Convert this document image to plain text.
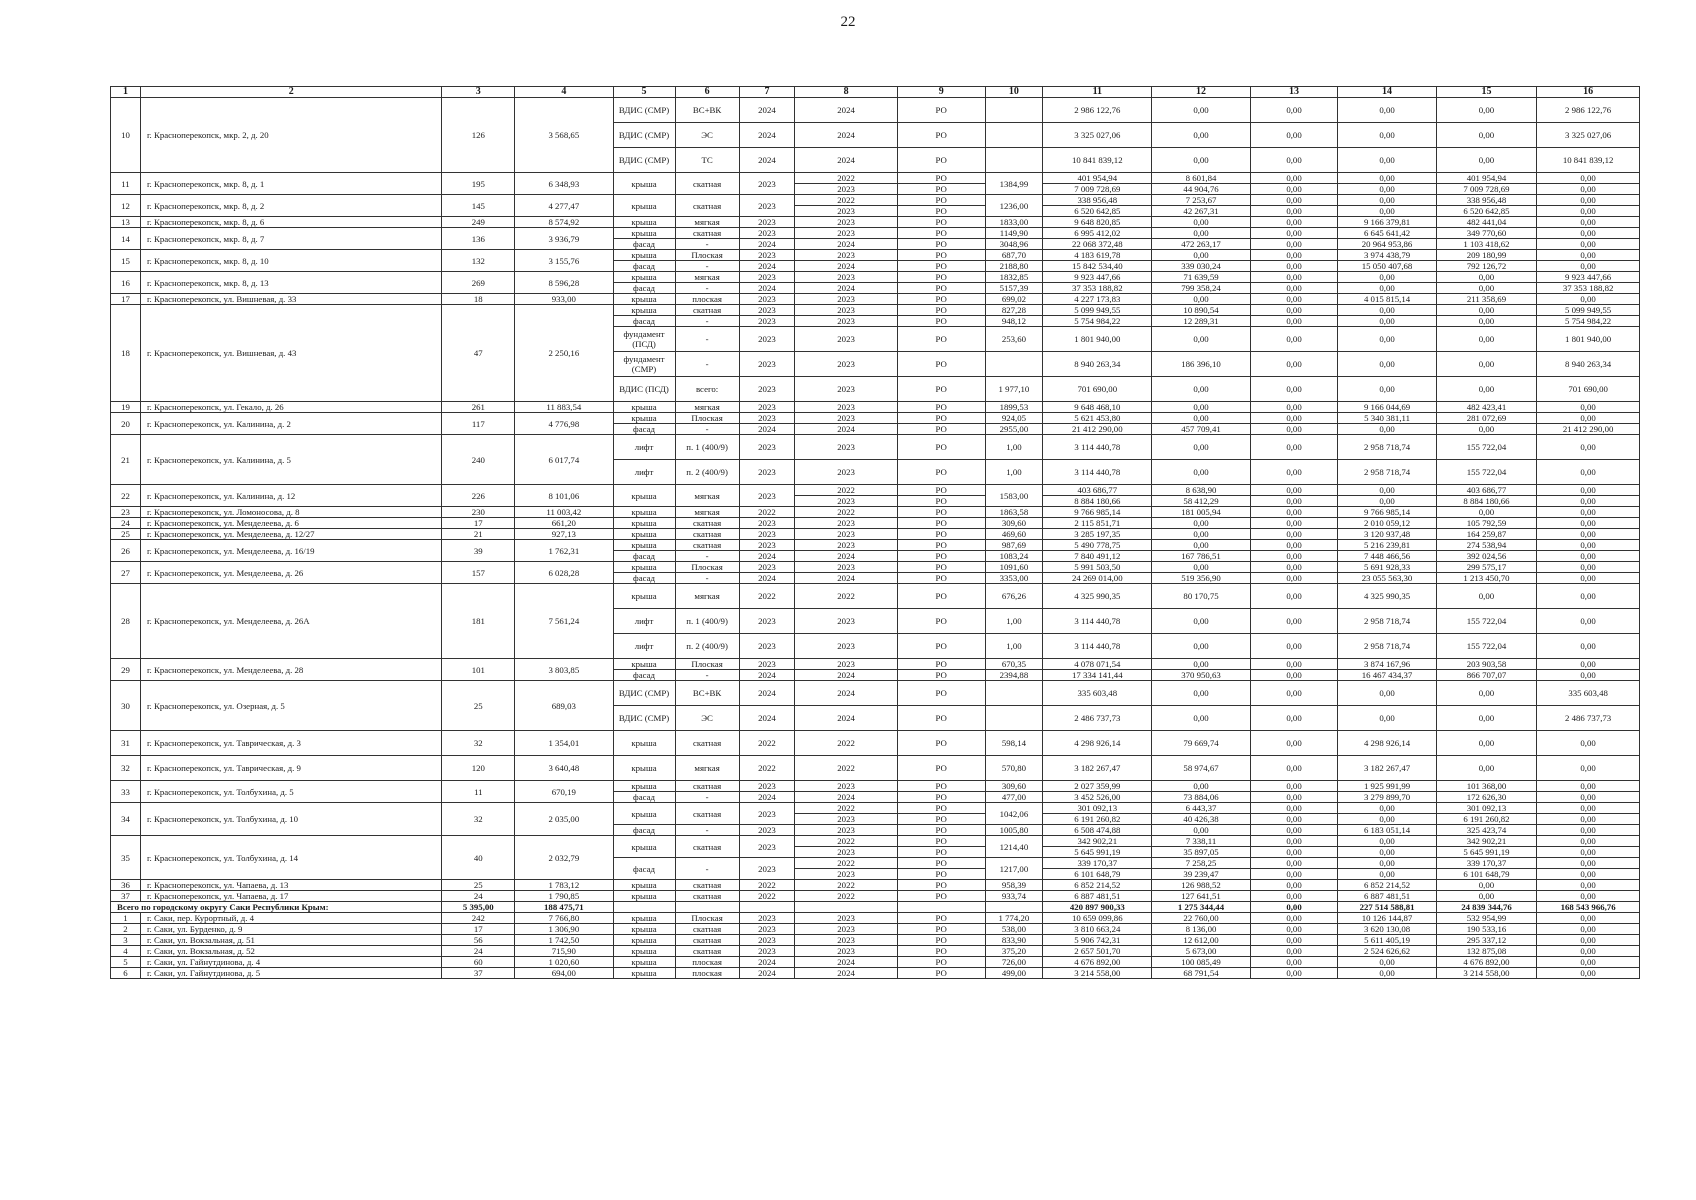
22
1	2	3	4	5	6	7	8	9	10	11	12	13	14	15	16
10	г. Красноперекопск, мкр. 2, д. 20	126	3 568,65	ВДИС (СМР)	ВС+ВК	2024	2024	РО		2 986 122,76	0,00	0,00	0,00	0,00	2 986 122,76
				ВДИС (СМР)	ЭС	2024	2024	РО		3 325 027,06	0,00	0,00	0,00	0,00	3 325 027,06
				ВДИС (СМР)	ТС	2024	2024	РО		10 841 839,12	0,00	0,00	0,00	0,00	10 841 839,12
11	г. Красноперекопск, мкр. 8, д. 1	195	6 348,93	крыша	скатная	2023	2022	РО	1384,99	401 954,94	8 601,84	0,00	0,00	401 954,94	0,00
							2023	РО		7 009 728,69	44 904,76	0,00	0,00	7 009 728,69	0,00
12	г. Красноперекопск, мкр. 8, д. 2	145	4 277,47	крыша	скатная	2023	2022	РО	1236,00	338 956,48	7 253,67	0,00	0,00	338 956,48	0,00
							2023	РО		6 520 642,85	42 267,31	0,00	0,00	6 520 642,85	0,00
13	г. Красноперекопск, мкр. 8, д. 6	249	8 574,92	крыша	мягкая	2023	2023	РО	1833,00	9 648 820,85	0,00	0,00	9 166 379,81	482 441,04	0,00
14	г. Красноперекопск, мкр. 8, д. 7	136	3 936,79	крыша	скатная	2023	2023	РО	1149,90	6 995 412,02	0,00	0,00	6 645 641,42	349 770,60	0,00
				фасад	-	2024	2024	РО	3048,96	22 068 372,48	472 263,17	0,00	20 964 953,86	1 103 418,62	0,00
15	г. Красноперекопск, мкр. 8, д. 10	132	3 155,76	крыша	Плоская	2023	2023	РО	687,70	4 183 619,78	0,00	0,00	3 974 438,79	209 180,99	0,00
				фасад	-	2024	2024	РО	2188,80	15 842 534,40	339 030,24	0,00	15 050 407,68	792 126,72	0,00
16	г. Красноперекопск, мкр. 8, д. 13	269	8 596,28	крыша	мягкая	2023	2023	РО	1832,85	9 923 447,66	71 639,59	0,00	0,00	0,00	9 923 447,66
				фасад	-	2024	2024	РО	5157,39	37 353 188,82	799 358,24	0,00	0,00	0,00	37 353 188,82
17	г. Красноперекопск, ул. Вишневая, д. 33	18	933,00	крыша	плоская	2023	2023	РО	699,02	4 227 173,83	0,00	0,00	4 015 815,14	211 358,69	0,00
18	г. Красноперекопск, ул. Вишневая, д. 43	47	2 250,16	крыша	скатная	2023	2023	РО	827,28	5 099 949,55	10 890,54	0,00	0,00	0,00	5 099 949,55
				фасад	-	2023	2023	РО	948,12	5 754 984,22	12 289,31	0,00	0,00	0,00	5 754 984,22
				фундамент (ПСД)	-	2023	2023	РО	253,60	1 801 940,00	0,00	0,00	0,00	0,00	1 801 940,00
				фундамент (СМР)	-	2023	2023	РО		8 940 263,34	186 396,10	0,00	0,00	0,00	8 940 263,34
				ВДИС (ПСД)	всего:	2023	2023	РО	1 977,10	701 690,00	0,00	0,00	0,00	0,00	701 690,00
19	г. Красноперекопск, ул. Гекало, д. 26	261	11 883,54	крыша	мягкая	2023	2023	РО	1899,53	9 648 468,10	0,00	0,00	9 166 044,69	482 423,41	0,00
20	г. Красноперекопск, ул. Калинина, д. 2	117	4 776,98	крыша	Плоская	2023	2023	РО	924,05	5 621 453,80	0,00	0,00	5 340 381,11	281 072,69	0,00
				фасад	-	2024	2024	РО	2955,00	21 412 290,00	457 709,41	0,00	0,00	0,00	21 412 290,00
21	г. Красноперекопск, ул. Калинина, д. 5	240	6 017,74	лифт	п. 1 (400/9)	2023	2023	РО	1,00	3 114 440,78	0,00	0,00	2 958 718,74	155 722,04	0,00
				лифт	п. 2 (400/9)	2023	2023	РО	1,00	3 114 440,78	0,00	0,00	2 958 718,74	155 722,04	0,00
22	г. Красноперекопск, ул. Калинина, д. 12	226	8 101,06	крыша	мягкая	2023	2022	РО	1583,00	403 686,77	8 638,90	0,00	0,00	403 686,77	0,00
							2023	РО		8 884 180,66	58 412,29	0,00	0,00	8 884 180,66	0,00
23	г. Красноперекопск, ул. Ломоносова, д. 8	230	11 003,42	крыша	мягкая	2022	2022	РО	1863,58	9 766 985,14	181 005,94	0,00	9 766 985,14	0,00	0,00
24	г. Красноперекопск, ул. Менделеева, д. 6	17	661,20	крыша	скатная	2023	2023	РО	309,60	2 115 851,71	0,00	0,00	2 010 059,12	105 792,59	0,00
25	г. Красноперекопск, ул. Менделеева, д. 12/27	21	927,13	крыша	скатная	2023	2023	РО	469,60	3 285 197,35	0,00	0,00	3 120 937,48	164 259,87	0,00
26	г. Красноперекопск, ул. Менделеева, д. 16/19	39	1 762,31	крыша	скатная	2023	2023	РО	987,69	5 490 778,75	0,00	0,00	5 216 239,81	274 538,94	0,00
				фасад	-	2024	2024	РО	1083,24	7 840 491,12	167 786,51	0,00	7 448 466,56	392 024,56	0,00
27	г. Красноперекопск, ул. Менделеева, д. 26	157	6 028,28	крыша	Плоская	2023	2023	РО	1091,60	5 991 503,50	0,00	0,00	5 691 928,33	299 575,17	0,00
				фасад	-	2024	2024	РО	3353,00	24 269 014,00	519 356,90	0,00	23 055 563,30	1 213 450,70	0,00
28	г. Красноперекопск, ул. Менделеева, д. 26А	181	7 561,24	крыша	мягкая	2022	2022	РО	676,26	4 325 990,35	80 170,75	0,00	4 325 990,35	0,00	0,00
				лифт	п. 1 (400/9)	2023	2023	РО	1,00	3 114 440,78	0,00	0,00	2 958 718,74	155 722,04	0,00
				лифт	п. 2 (400/9)	2023	2023	РО	1,00	3 114 440,78	0,00	0,00	2 958 718,74	155 722,04	0,00
29	г. Красноперекопск, ул. Менделеева, д. 28	101	3 803,85	крыша	Плоская	2023	2023	РО	670,35	4 078 071,54	0,00	0,00	3 874 167,96	203 903,58	0,00
				фасад	-	2024	2024	РО	2394,88	17 334 141,44	370 950,63	0,00	16 467 434,37	866 707,07	0,00
30	г. Красноперекопск, ул. Озерная, д. 5	25	689,03	ВДИС (СМР)	ВС+ВК	2024	2024	РО		335 603,48	0,00	0,00	0,00	0,00	335 603,48
				ВДИС (СМР)	ЭС	2024	2024	РО		2 486 737,73	0,00	0,00	0,00	0,00	2 486 737,73
31	г. Красноперекопск, ул. Таврическая, д. 3	32	1 354,01	крыша	скатная	2022	2022	РО	598,14	4 298 926,14	79 669,74	0,00	4 298 926,14	0,00	0,00
32	г. Красноперекопск, ул. Таврическая, д. 9	120	3 640,48	крыша	мягкая	2022	2022	РО	570,80	3 182 267,47	58 974,67	0,00	3 182 267,47	0,00	0,00
33	г. Красноперекопск, ул. Толбухина, д. 5	11	670,19	крыша	скатная	2023	2023	РО	309,60	2 027 359,99	0,00	0,00	1 925 991,99	101 368,00	0,00
				фасад	-	2024	2024	РО	477,00	3 452 526,00	73 884,06	0,00	3 279 899,70	172 626,30	0,00
34	г. Красноперекопск, ул. Толбухина, д. 10	32	2 035,00	крыша	скатная	2023	2022	РО	1042,06	301 092,13	6 443,37	0,00	0,00	301 092,13	0,00
							2023	РО		6 191 260,82	40 426,38	0,00	0,00	6 191 260,82	0,00
				фасад	-	2023	2023	РО	1005,80	6 508 474,88	0,00	0,00	6 183 051,14	325 423,74	0,00
35	г. Красноперекопск, ул. Толбухина, д. 14	40	2 032,79	крыша	скатная	2023	2022	РО	1214,40	342 902,21	7 338,11	0,00	0,00	342 902,21	0,00
							2023	РО		5 645 991,19	35 897,05	0,00	0,00	5 645 991,19	0,00
				фасад	-	2023	2022	РО	1217,00	339 170,37	7 258,25	0,00	0,00	339 170,37	0,00
							2023	РО		6 101 648,79	39 239,47	0,00	0,00	6 101 648,79	0,00
36	г. Красноперекопск, ул. Чапаева, д. 13	25	1 783,12	крыша	скатная	2022	2022	РО	958,39	6 852 214,52	126 988,52	0,00	6 852 214,52	0,00	0,00
37	г. Красноперекопск, ул. Чапаева, д. 17	24	1 790,85	крыша	скатная	2022	2022	РО	933,74	6 887 481,51	127 641,51	0,00	6 887 481,51	0,00	0,00
Всего по городскому округу Саки Республики Крым:		5 395,00	188 475,71							420 897 900,33	1 275 344,44	0,00	227 514 588,81	24 839 344,76	168 543 966,76
1	г. Саки, пер. Курортный, д. 4	242	7 766,80	крыша	Плоская	2023	2023	РО	1 774,20	10 659 099,86	22 760,00	0,00	10 126 144,87	532 954,99	0,00
2	г. Саки, ул. Бурденко, д. 9	17	1 306,90	крыша	скатная	2023	2023	РО	538,00	3 810 663,24	8 136,00	0,00	3 620 130,08	190 533,16	0,00
3	г. Саки, ул. Вокзальная, д. 51	56	1 742,50	крыша	скатная	2023	2023	РО	833,90	5 906 742,31	12 612,00	0,00	5 611 405,19	295 337,12	0,00
4	г. Саки, ул. Вокзальная, д. 52	24	715,90	крыша	скатная	2023	2023	РО	375,20	2 657 501,70	5 673,00	0,00	2 524 626,62	132 875,08	0,00
5	г. Саки, ул. Гайнутдинова, д. 4	60	1 020,60	крыша	плоская	2024	2024	РО	726,00	4 676 892,00	100 085,49	0,00	0,00	4 676 892,00	0,00
6	г. Саки, ул. Гайнутдинова, д. 5	37	694,00	крыша	плоская	2024	2024	РО	499,00	3 214 558,00	68 791,54	0,00	0,00	3 214 558,00	0,00
